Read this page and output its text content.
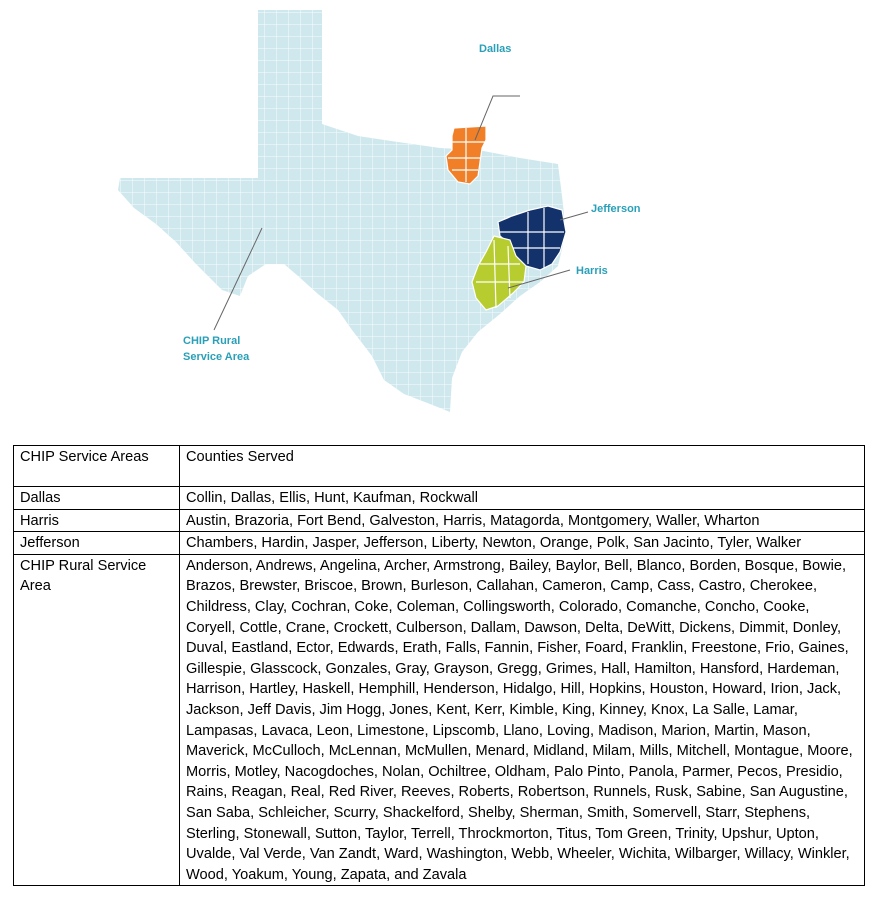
Dallas
Jefferson
Harris
CHIP Rural
Service Area
CHIP Service Areas	Counties Served
Dallas	Collin, Dallas, Ellis, Hunt, Kaufman, Rockwall
Harris	Austin, Brazoria, Fort Bend, Galveston, Harris, Matagorda, Montgomery, Waller, Wharton
Jefferson	Chambers, Hardin, Jasper, Jefferson, Liberty, Newton, Orange, Polk, San Jacinto, Tyler, Walker
CHIP Rural Service Area	Anderson, Andrews, Angelina, Archer, Armstrong, Bailey, Baylor, Bell, Blanco, Borden, Bosque, Bowie, Brazos, Brewster, Briscoe, Brown, Burleson, Callahan, Cameron, Camp, Cass, Castro, Cherokee, Childress, Clay, Cochran, Coke, Coleman, Collingsworth, Colorado, Comanche, Concho, Cooke, Coryell, Cottle, Crane, Crockett, Culberson, Dallam, Dawson, Delta, DeWitt, Dickens, Dimmit, Donley, Duval, Eastland, Ector, Edwards, Erath, Falls, Fannin, Fisher, Foard, Franklin, Freestone, Frio, Gaines, Gillespie, Glasscock, Gonzales, Gray, Grayson, Gregg, Grimes, Hall, Hamilton, Hansford, Hardeman, Harrison, Hartley, Haskell, Hemphill, Henderson, Hidalgo, Hill, Hopkins, Houston, Howard, Irion, Jack, Jackson, Jeff Davis, Jim Hogg, Jones, Kent, Kerr, Kimble, King, Kinney, Knox, La Salle, Lamar, Lampasas, Lavaca, Leon, Limestone, Lipscomb, Llano, Loving, Madison, Marion, Martin, Mason, Maverick, McCulloch, McLennan, McMullen, Menard, Midland, Milam, Mills, Mitchell, Montague, Moore, Morris, Motley, Nacogdoches, Nolan, Ochiltree, Oldham, Palo Pinto, Panola, Parmer, Pecos, Presidio, Rains, Reagan, Real, Red River, Reeves, Roberts, Robertson, Runnels, Rusk, Sabine, San Augustine, San Saba, Schleicher, Scurry, Shackelford, Shelby, Sherman, Smith, Somervell, Starr, Stephens, Sterling, Stonewall, Sutton, Taylor, Terrell, Throckmorton, Titus, Tom Green, Trinity, Upshur, Upton, Uvalde, Val Verde, Van Zandt, Ward, Washington, Webb, Wheeler, Wichita, Wilbarger, Willacy, Winkler, Wood, Yoakum, Young, Zapata, and Zavala
